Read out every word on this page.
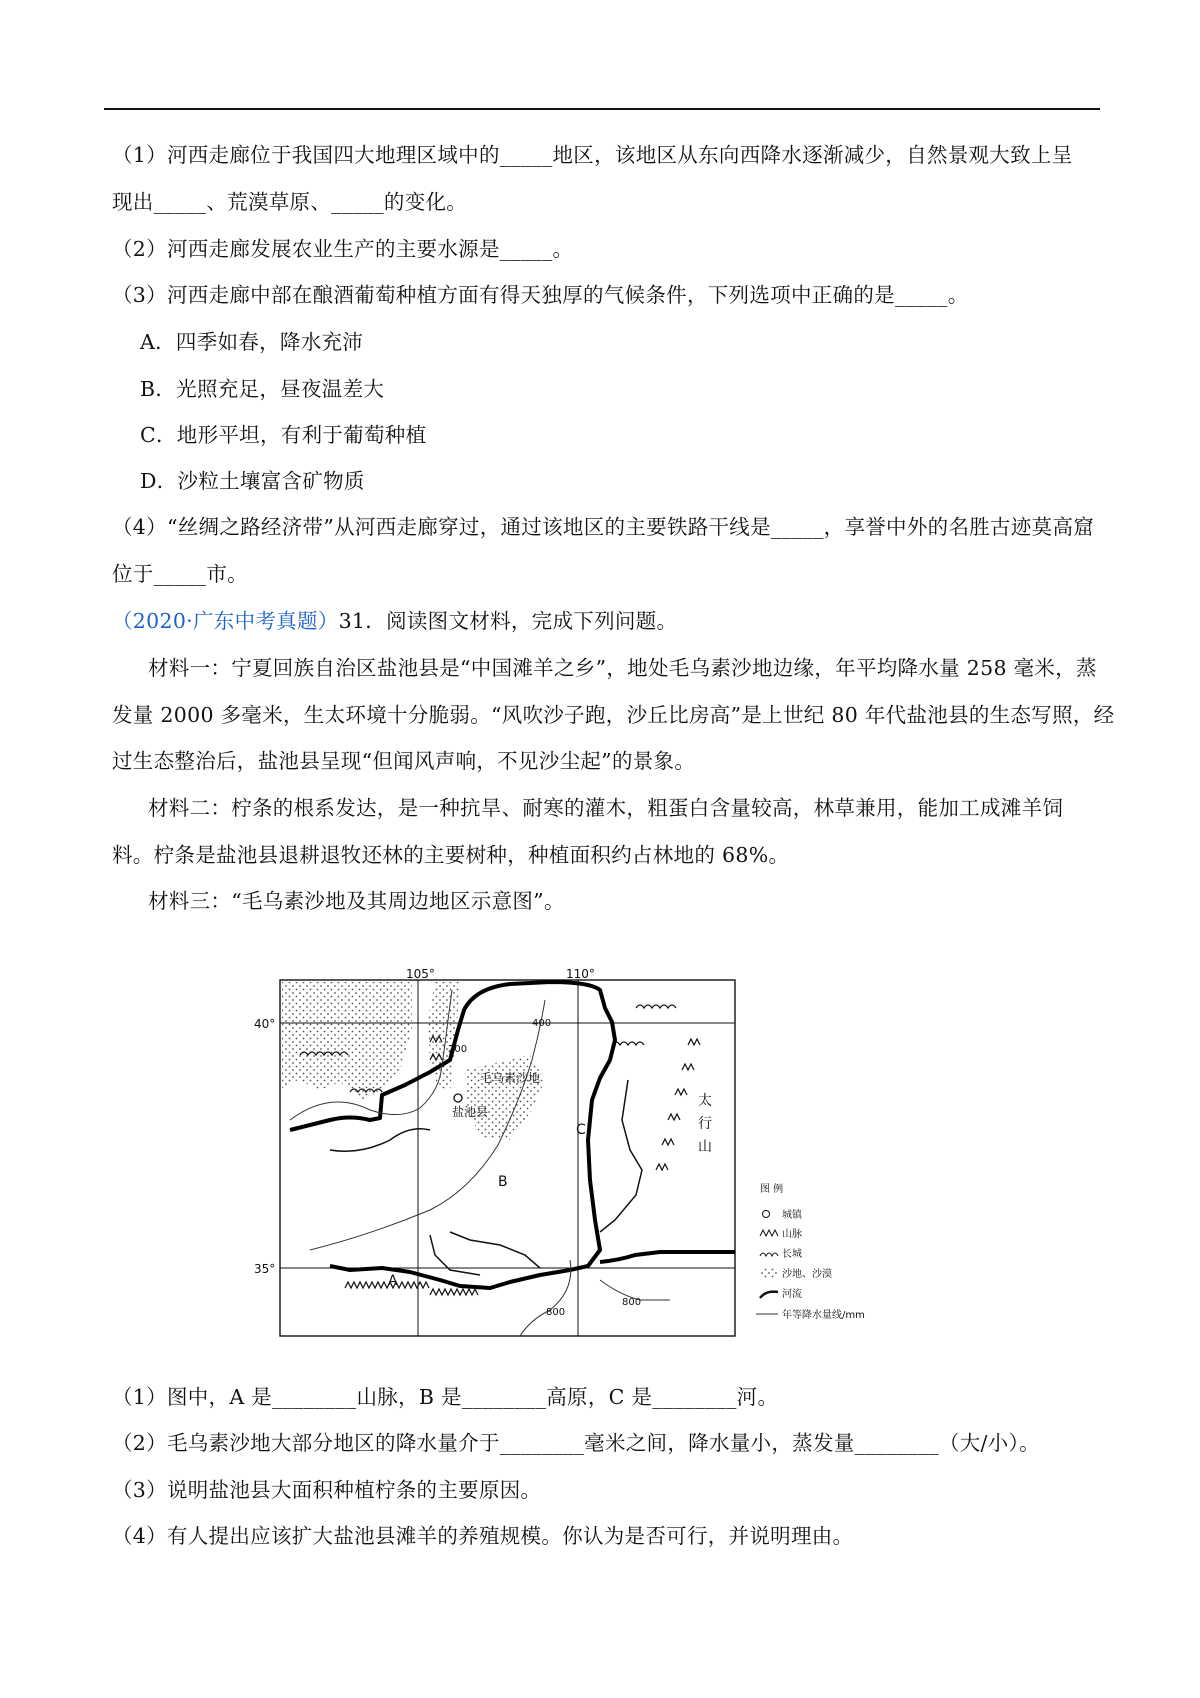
（1）河西走廊位于我国四大地理区域中的_____地区，该地区从东向西降水逐渐减少，自然景观大致上呈
现出_____、荒漠草原、_____的变化。
（2）河西走廊发展农业生产的主要水源是_____。
（3）河西走廊中部在酿酒葡萄种植方面有得天独厚的气候条件，下列选项中正确的是_____。
A．四季如春，降水充沛
B．光照充足，昼夜温差大
C．地形平坦，有利于葡萄种植
D．沙粒土壤富含矿物质
（4）“丝绸之路经济带”从河西走廊穿过，通过该地区的主要铁路干线是_____，享誉中外的名胜古迹莫高窟
位于_____市。
（2020·广东中考真题）31．阅读图文材料，完成下列问题。
材料一：宁夏回族自治区盐池县是“中国滩羊之乡”，地处毛乌素沙地边缘，年平均降水量 258 毫米，蒸
发量 2000 多毫米，生太环境十分脆弱。“风吹沙子跑，沙丘比房高”是上世纪 80 年代盐池县的生态写照，经
过生态整治后，盐池县呈现“但闻风声响，不见沙尘起”的景象。
材料二：柠条的根系发达，是一种抗旱、耐寒的灌木，粗蛋白含量较高，林草兼用，能加工成滩羊饲
料。柠条是盐池县退耕退牧还林的主要树种，种植面积约占林地的 68%。
材料三：“毛乌素沙地及其周边地区示意图”。
105°	110°
40°
35°
毛乌素沙地
盐池县
B
C
A
太
行
山
200
400
800
800
图 例
城镇
山脉
长城
沙地、沙漠
河流
年等降水量线/mm
（1）图中，A 是________山脉，B 是________高原，C 是________河。
（2）毛乌素沙地大部分地区的降水量介于________毫米之间，降水量小，蒸发量________（大/小）。
（3）说明盐池县大面积种植柠条的主要原因。
（4）有人提出应该扩大盐池县滩羊的养殖规模。你认为是否可行，并说明理由。
